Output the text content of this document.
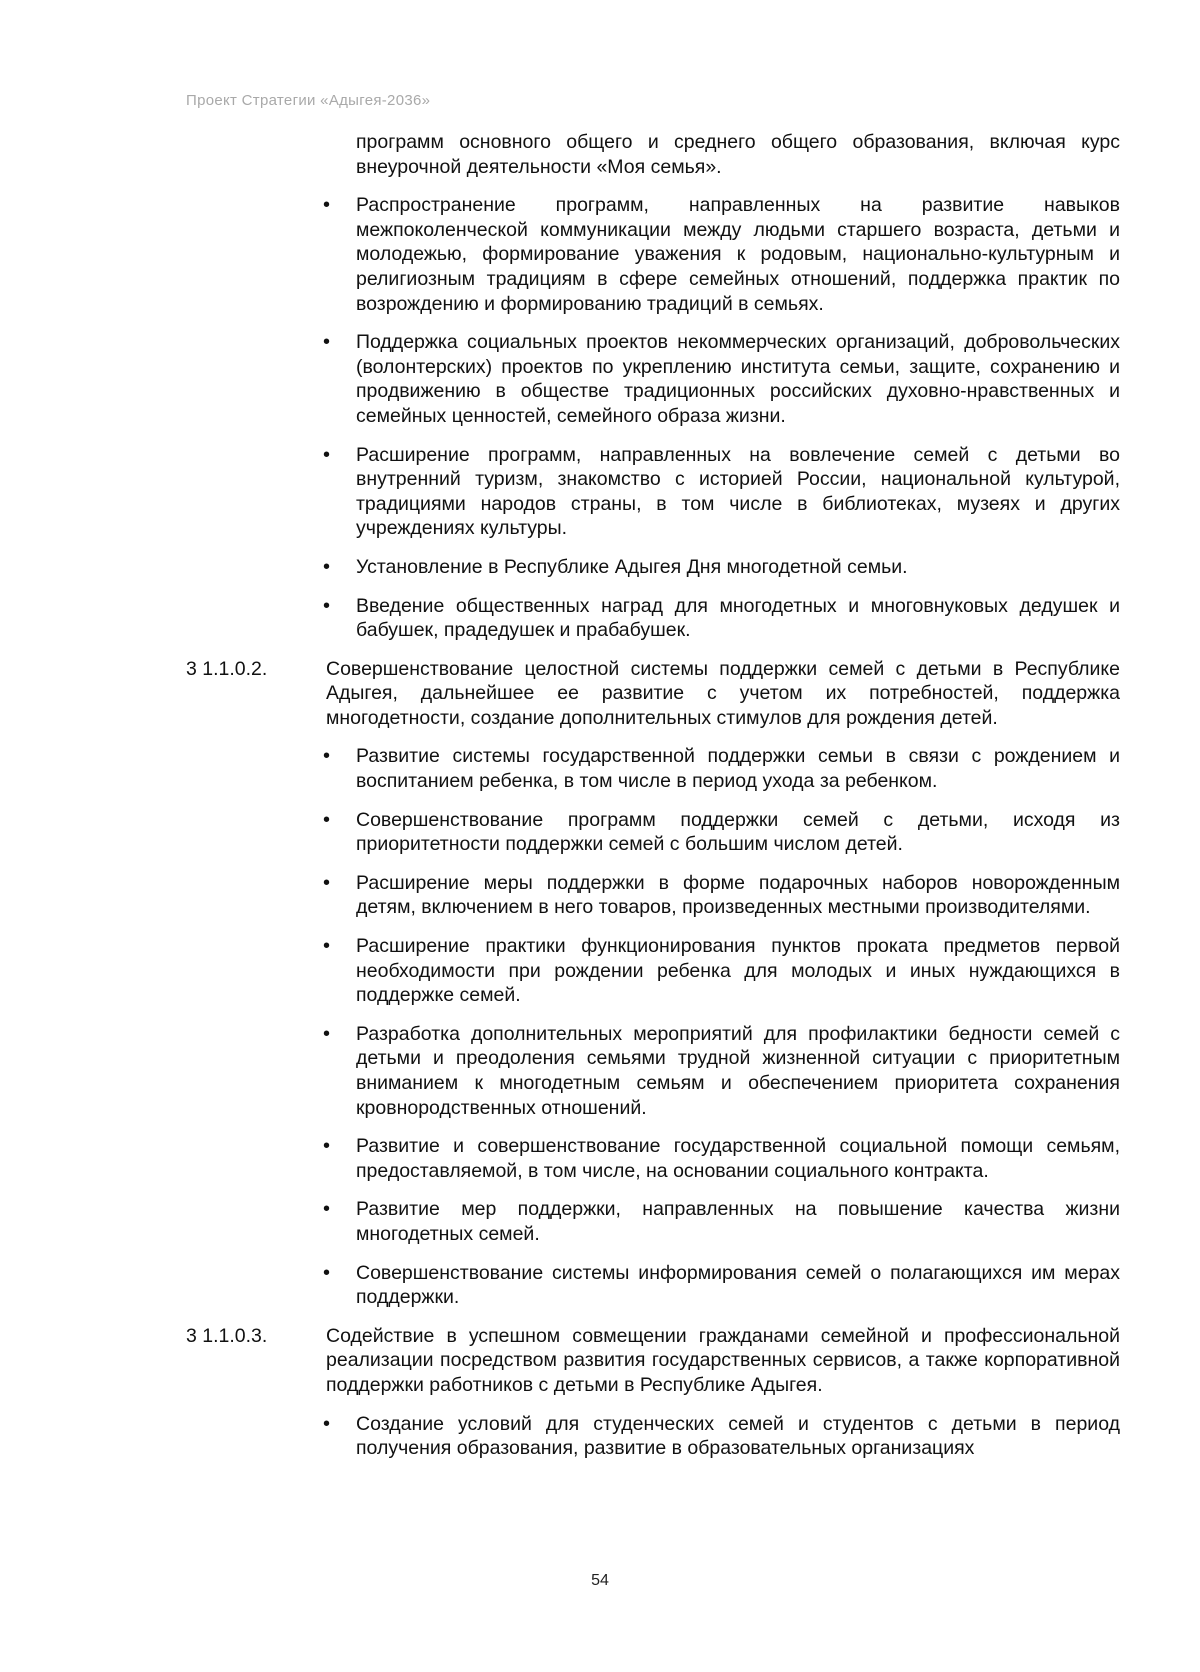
Проект Стратегии «Адыгея-2036»

программ основного общего и среднего общего образования, включая курс внеурочной деятельности «Моя семья».

• Распространение программ, направленных на развитие навыков межпоколенческой коммуникации между людьми старшего возраста, детьми и молодежью, формирование уважения к родовым, национально-культурным и религиозным традициям в сфере семейных отношений, поддержка практик по возрождению и формированию традиций в семьях.
• Поддержка социальных проектов некоммерческих организаций, добровольческих (волонтерских) проектов по укреплению института семьи, защите, сохранению и продвижению в обществе традиционных российских духовно-нравственных и семейных ценностей, семейного образа жизни.
• Расширение программ, направленных на вовлечение семей с детьми во внутренний туризм, знакомство с историей России, национальной культурой, традициями народов страны, в том числе в библиотеках, музеях и других учреждениях культуры.
• Установление в Республике Адыгея Дня многодетной семьи.
• Введение общественных наград для многодетных и многовнуковых дедушек и бабушек, прадедушек и прабабушек.
3 1.1.0.2.	Совершенствование целостной системы поддержки семей с детьми в Республике Адыгея, дальнейшее ее развитие с учетом их потребностей, поддержка многодетности, создание дополнительных стимулов для рождения детей.
• Развитие системы государственной поддержки семьи в связи с рождением и воспитанием ребенка, в том числе в период ухода за ребенком.
• Совершенствование программ поддержки семей с детьми, исходя из приоритетности поддержки семей с большим числом детей.
• Расширение меры поддержки в форме подарочных наборов новорожденным детям, включением в него товаров, произведенных местными производителями.
• Расширение практики функционирования пунктов проката предметов первой необходимости при рождении ребенка для молодых и иных нуждающихся в поддержке семей.
• Разработка дополнительных мероприятий для профилактики бедности семей с детьми и преодоления семьями трудной жизненной ситуации с приоритетным вниманием к многодетным семьям и обеспечением приоритета сохранения кровнородственных отношений.
• Развитие и совершенствование государственной социальной помощи семьям, предоставляемой, в том числе, на основании социального контракта.
• Развитие мер поддержки, направленных на повышение качества жизни многодетных семей.
• Совершенствование системы информирования семей о полагающихся им мерах поддержки.
3 1.1.0.3.	Содействие в успешном совмещении гражданами семейной и профессиональной реализации посредством развития государственных сервисов, а также корпоративной поддержки работников с детьми в Республике Адыгея.
• Создание условий для студенческих семей и студентов с детьми в период получения образования, развитие в образовательных организациях
54
